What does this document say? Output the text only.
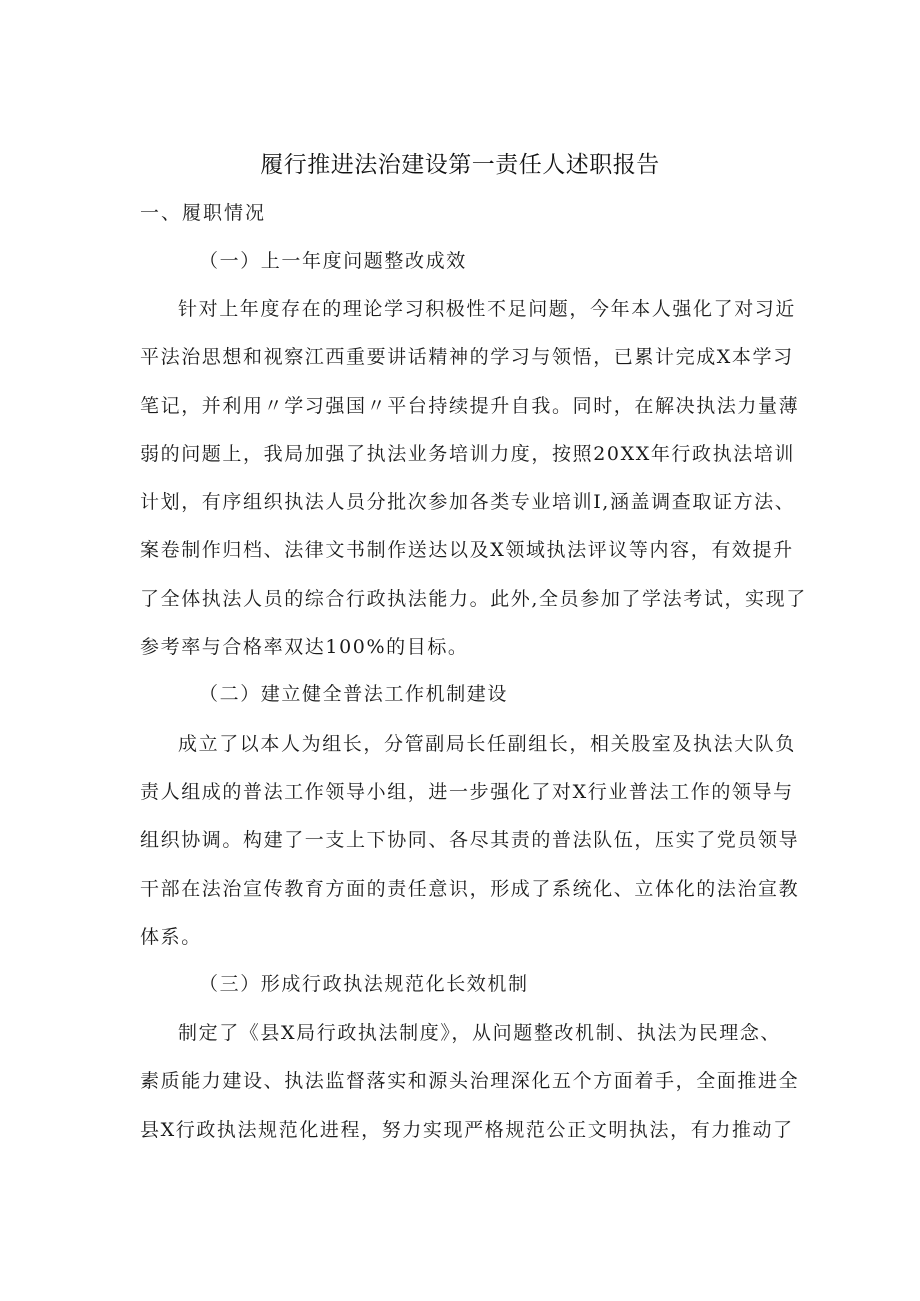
履行推进法治建设第一责任人述职报告
一、履职情况
（一）上一年度问题整改成效
针对上年度存在的理论学习积极性不足问题，今年本人强化了对习近
平法治思想和视察江西重要讲话精神的学习与领悟，已累计完成X本学习
笔记，并利用〃学习强国〃平台持续提升自我。同时，在解决执法力量薄
弱的问题上，我局加强了执法业务培训力度，按照20XX年行政执法培训
计划，有序组织执法人员分批次参加各类专业培训I,涵盖调查取证方法、
案卷制作归档、法律文书制作送达以及X领域执法评议等内容，有效提升
了全体执法人员的综合行政执法能力。此外,全员参加了学法考试，实现了
参考率与合格率双达100%的目标。
（二）建立健全普法工作机制建设
成立了以本人为组长，分管副局长任副组长，相关股室及执法大队负
责人组成的普法工作领导小组，进一步强化了对X行业普法工作的领导与
组织协调。构建了一支上下协同、各尽其责的普法队伍，压实了党员领导
干部在法治宣传教育方面的责任意识，形成了系统化、立体化的法治宣教
体系。
（三）形成行政执法规范化长效机制
制定了《县X局行政执法制度》，从问题整改机制、执法为民理念、
素质能力建设、执法监督落实和源头治理深化五个方面着手，全面推进全
县X行政执法规范化进程，努力实现严格规范公正文明执法，有力推动了
